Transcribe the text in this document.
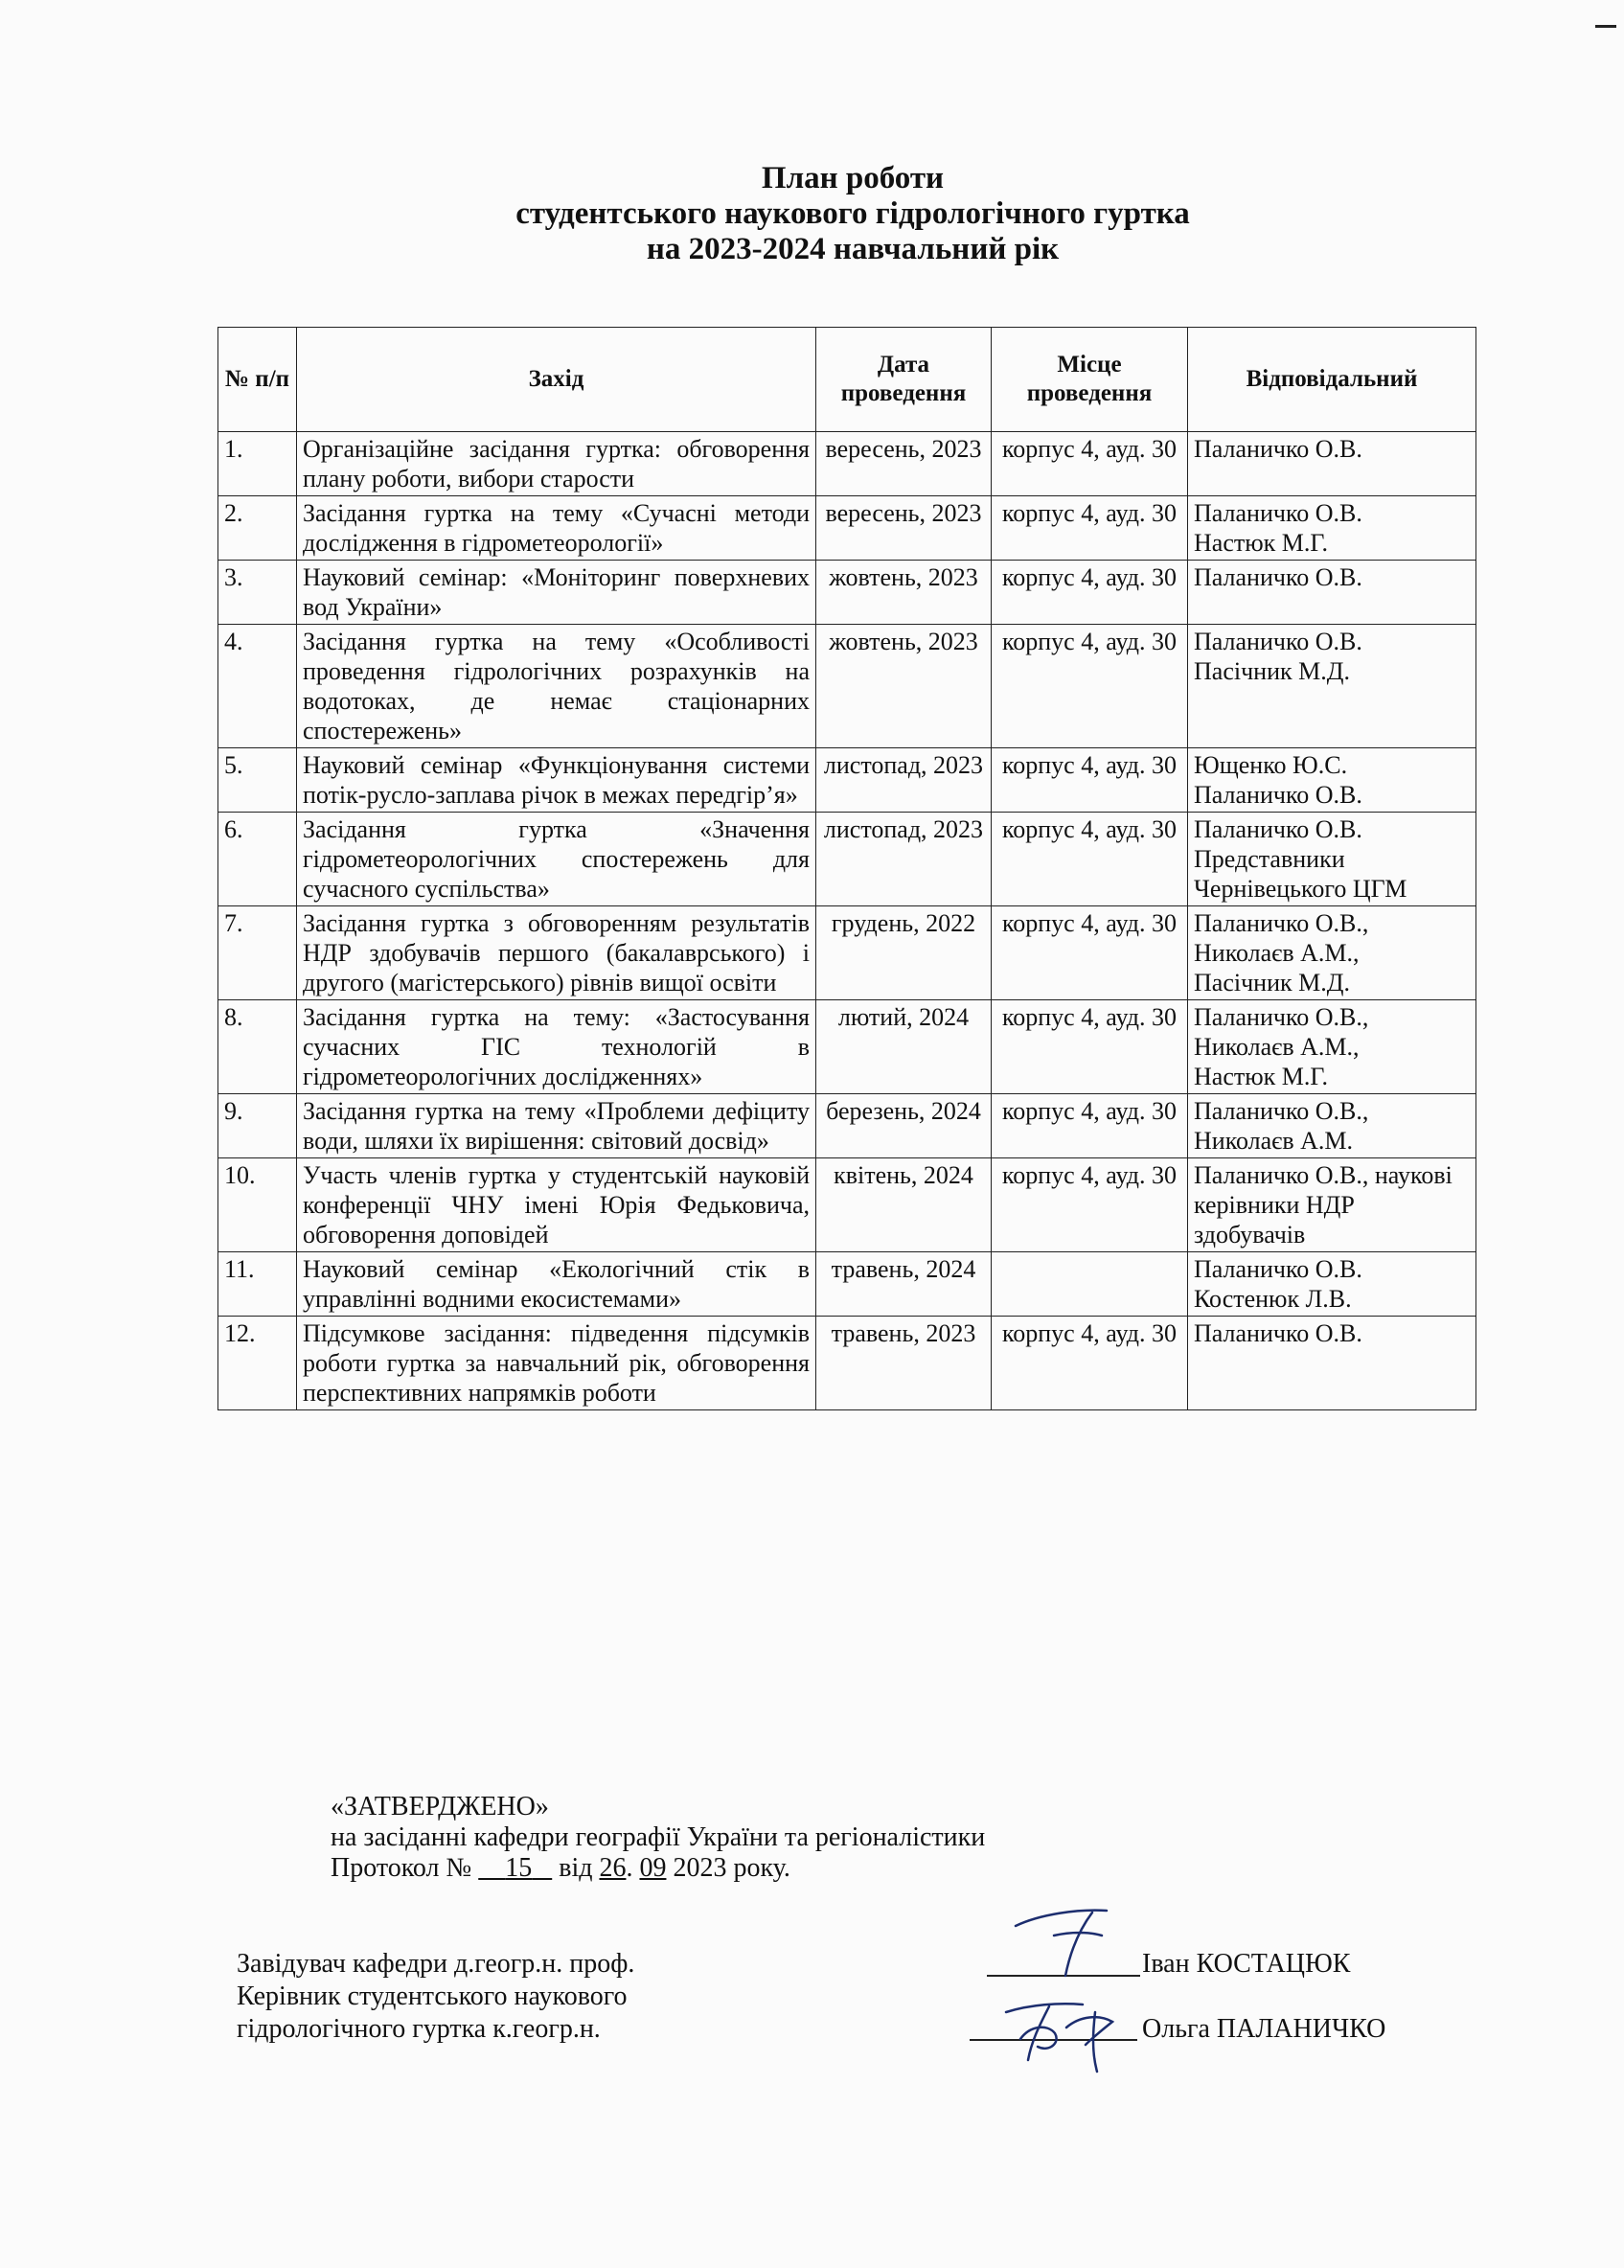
План роботи
студентського наукового гідрологічного гуртка
на 2023-2024 навчальний рік
№ п/п	Захід	Дата проведення	Місце проведення	Відповідальний
1.	Організаційне засідання гуртка: обговорення плану роботи, вибори старости	вересень, 2023	корпус 4, ауд. 30	Паланичко О.В.

2.	Засідання гуртка на тему «Сучасні методи дослідження в гідрометеорології»	вересень, 2023	корпус 4, ауд. 30	Паланичко О.В.
Настюк М.Г.

3.	Науковий семінар: «Моніторинг поверхневих вод України»	жовтень, 2023	корпус 4, ауд. 30	Паланичко О.В.

4.	Засідання гуртка на тему «Особливості проведення гідрологічних розрахунків на водотоках, де немає стаціонарних спостережень»	жовтень, 2023	корпус 4, ауд. 30	Паланичко О.В.
Пасічник М.Д.

5.	Науковий семінар «Функціонування системи потік-русло-заплава річок в межах передгір’я»	листопад, 2023	корпус 4, ауд. 30	Ющенко Ю.С.
Паланичко О.В.

6.	Засідання гуртка «Значення гідрометеорологічних спостережень для сучасного суспільства»	листопад, 2023	корпус 4, ауд. 30	Паланичко О.В.
Представники Чернівецького ЦГМ

7.	Засідання гуртка з обговоренням результатів НДР здобувачів першого (бакалаврського) і другого (магістерського) рівнів вищої освіти	грудень, 2022	корпус 4, ауд. 30	Паланичко О.В.,
Николаєв А.М.,
Пасічник М.Д.

8.	Засідання гуртка на тему: «Застосування сучасних ГІС технологій в гідрометеорологічних дослідженнях»	лютий, 2024	корпус 4, ауд. 30	Паланичко О.В.,
Николаєв А.М.,
Настюк М.Г.

9.	Засідання гуртка на тему «Проблеми дефіциту води, шляхи їх вирішення: світовий досвід»	березень, 2024	корпус 4, ауд. 30	Паланичко О.В.,
Николаєв А.М.

10.	Участь членів гуртка у студентській науковій конференції ЧНУ імені Юрія Федьковича, обговорення доповідей	квітень, 2024	корпус 4, ауд. 30	Паланичко О.В., наукові керівники НДР здобувачів

11.	Науковий семінар «Екологічний стік в управлінні водними екосистемами»	травень, 2024		Паланичко О.В.
Костенюк Л.В.

12.	Підсумкове засідання: підведення підсумків роботи гуртка за навчальний рік, обговорення перспективних напрямків роботи	травень, 2023	корпус 4, ауд. 30	Паланичко О.В.
«ЗАТВЕРДЖЕНО»
на засіданні кафедри географії України та регіоналістики
Протокол № 15 від 26. 09 2023 року.
Завідувач кафедри д.геогр.н. проф.
Керівник студентського наукового
гідрологічного гуртка к.геогр.н.
Іван КОСТАЦЮК
Ольга ПАЛАНИЧКО
